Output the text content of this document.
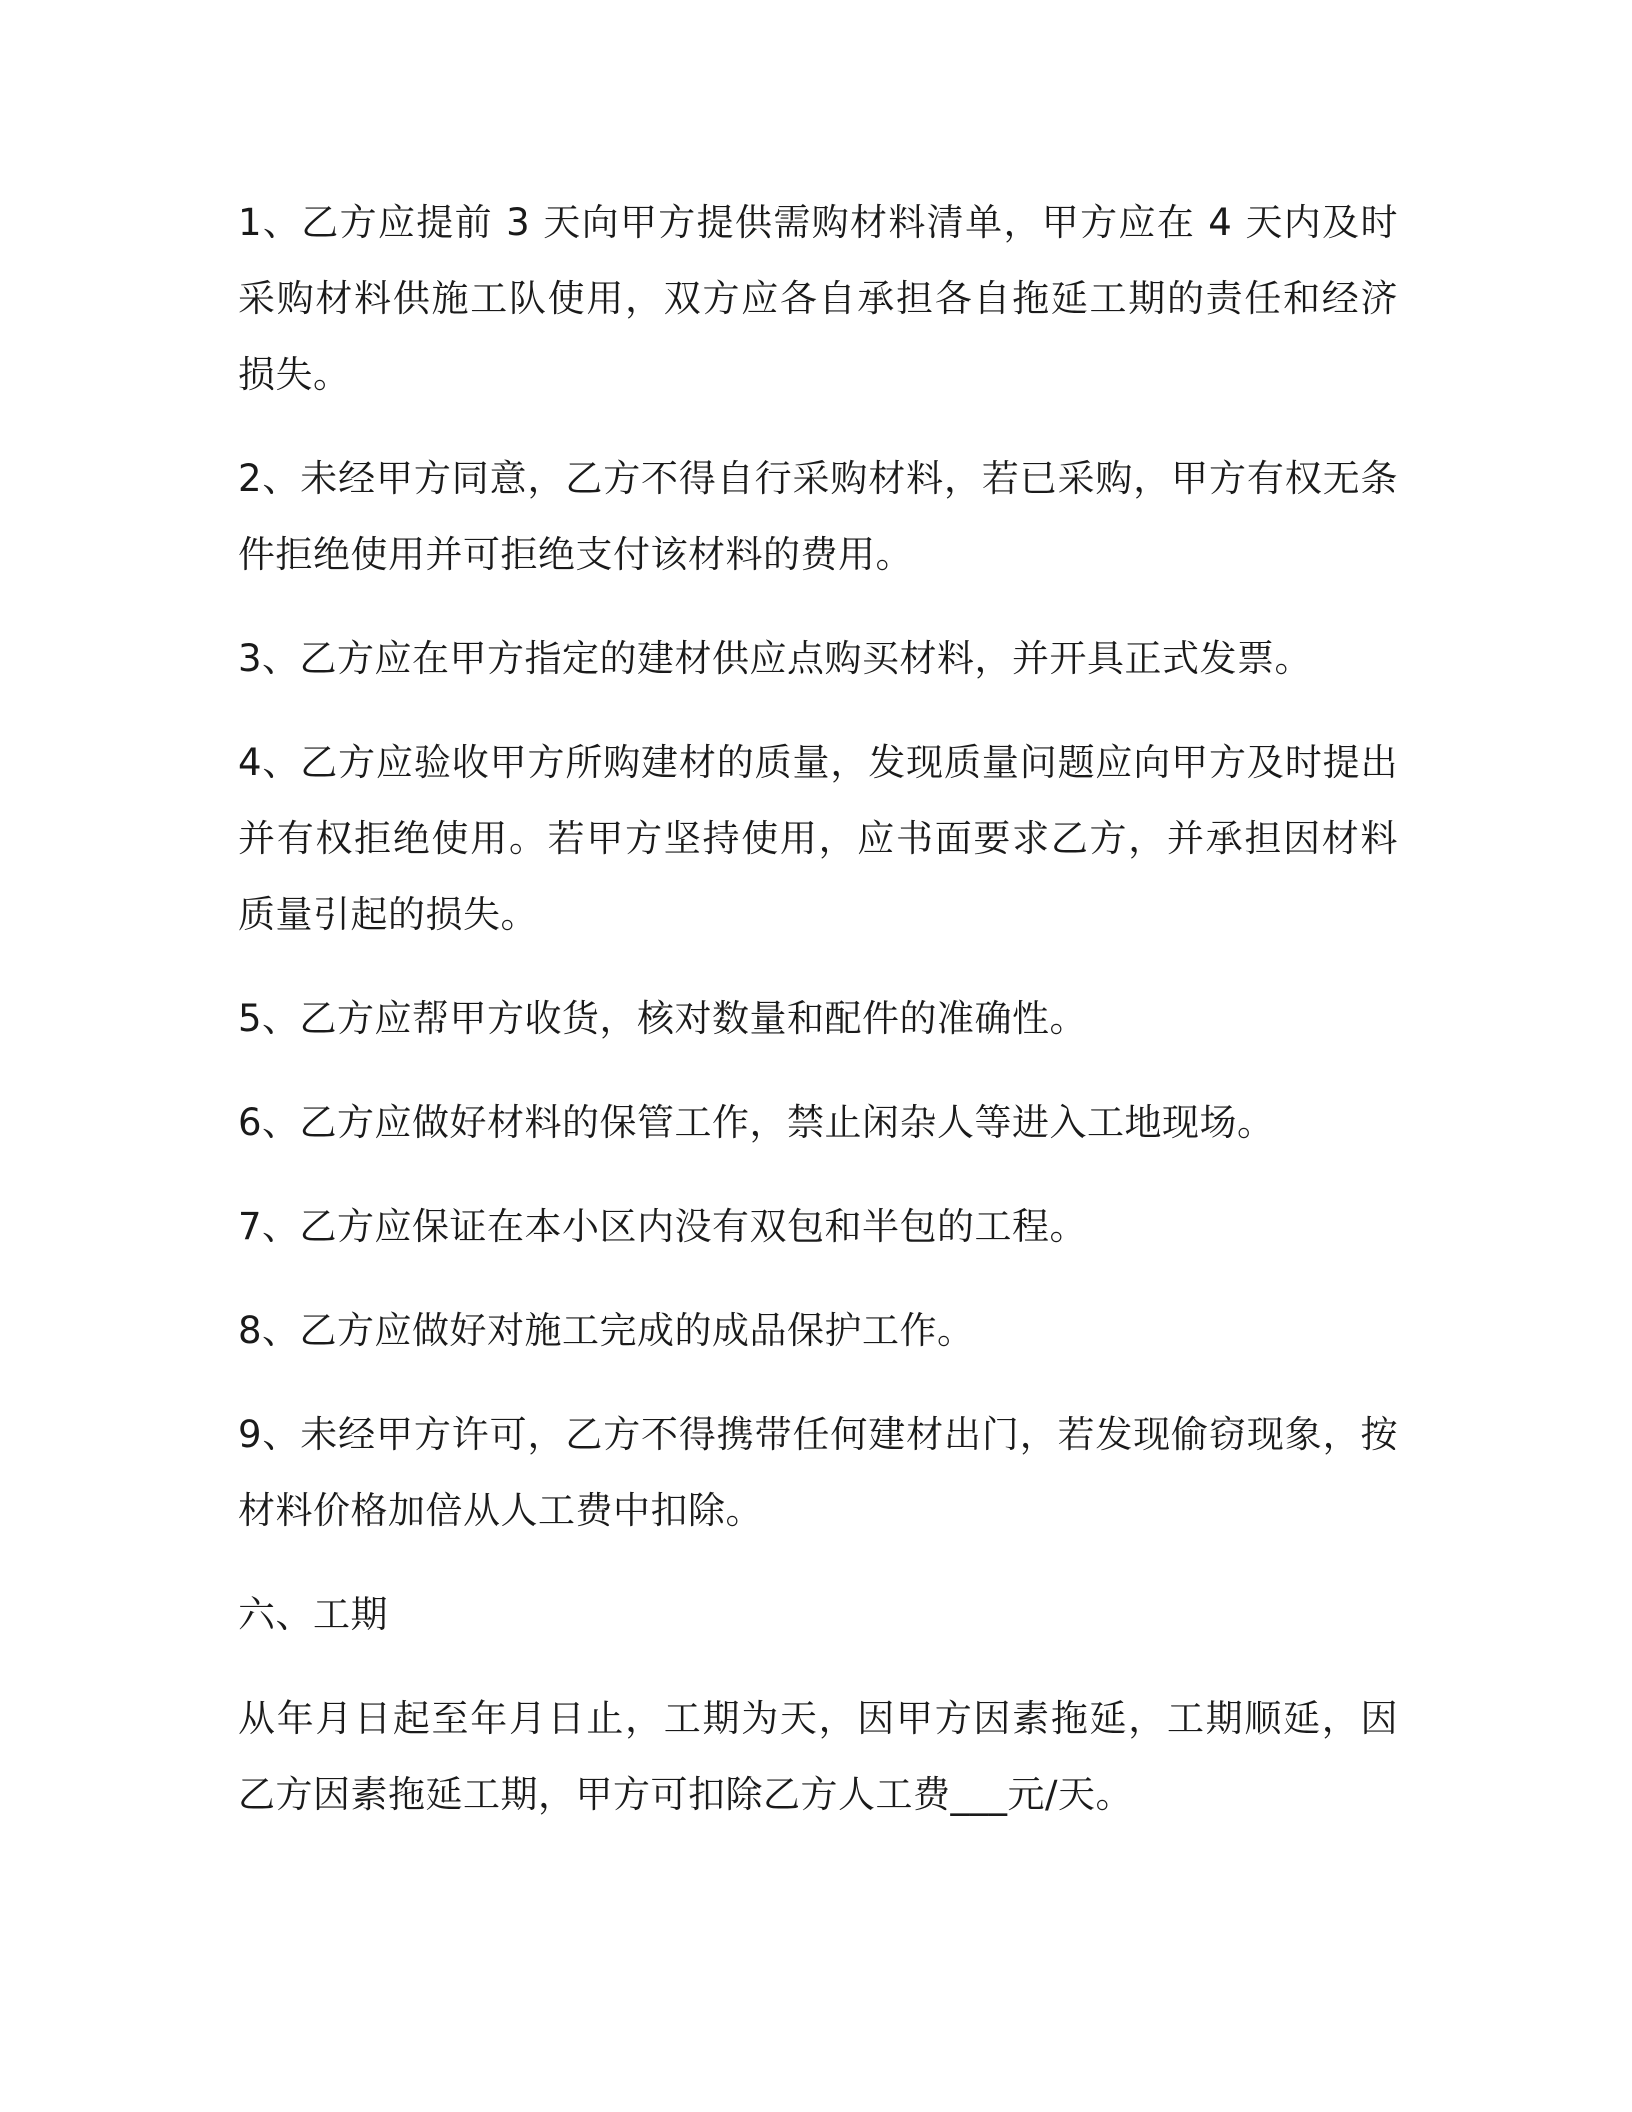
1、乙方应提前 3 天向甲方提供需购材料清单，甲方应在 4 天内及时采购材料供施工队使用，双方应各自承担各自拖延工期的责任和经济损失。

2、未经甲方同意，乙方不得自行采购材料，若已采购，甲方有权无条件拒绝使用并可拒绝支付该材料的费用。

3、乙方应在甲方指定的建材供应点购买材料，并开具正式发票。

4、乙方应验收甲方所购建材的质量，发现质量问题应向甲方及时提出并有权拒绝使用。若甲方坚持使用，应书面要求乙方，并承担因材料质量引起的损失。

5、乙方应帮甲方收货，核对数量和配件的准确性。

6、乙方应做好材料的保管工作，禁止闲杂人等进入工地现场。

7、乙方应保证在本小区内没有双包和半包的工程。

8、乙方应做好对施工完成的成品保护工作。

9、未经甲方许可，乙方不得携带任何建材出门，若发现偷窃现象，按材料价格加倍从人工费中扣除。

六、工期

从年月日起至年月日止，工期为天，因甲方因素拖延，工期顺延，因乙方因素拖延工期，甲方可扣除乙方人工费___元/天。
